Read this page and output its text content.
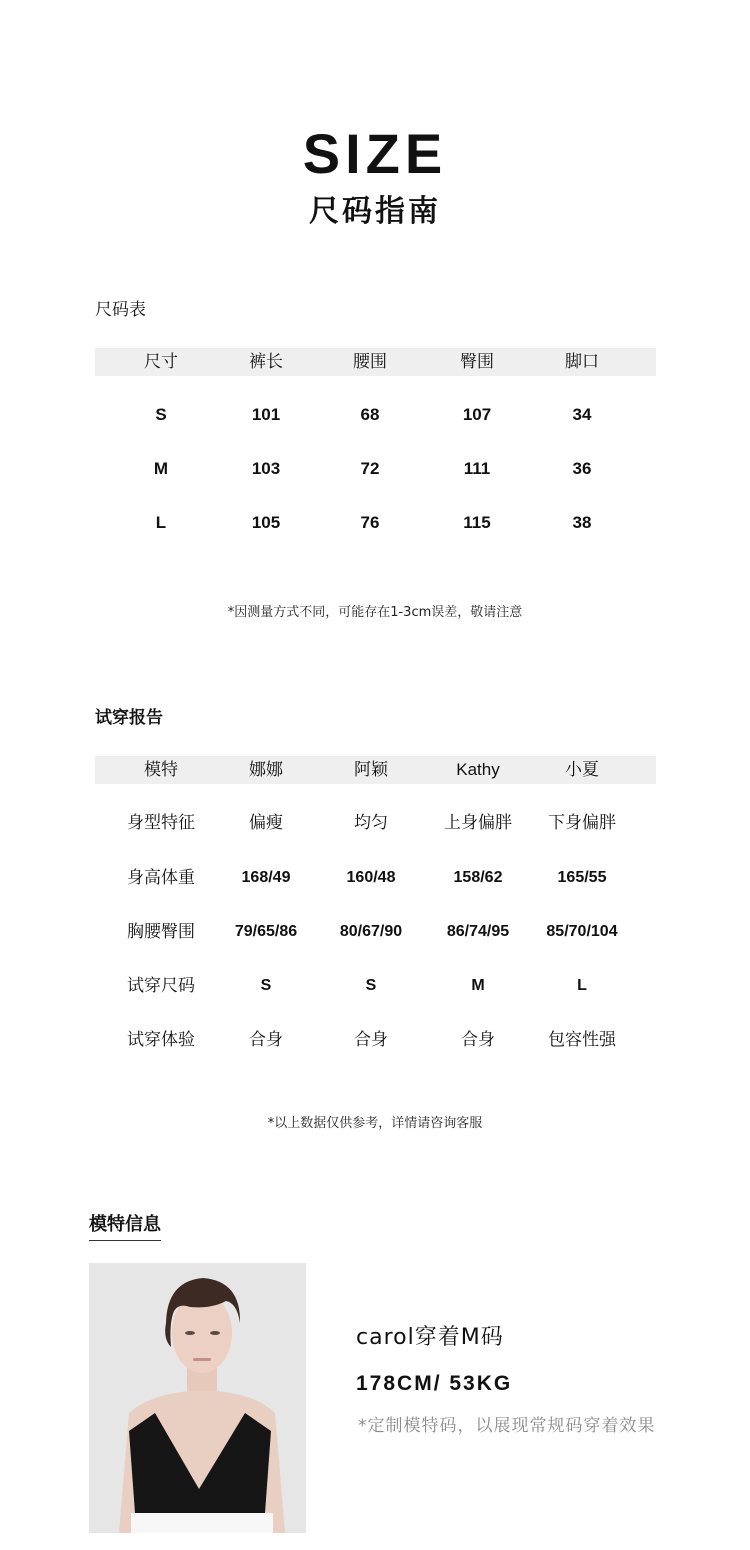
SIZE
尺码指南
尺码表
尺寸	裤长	腰围	臀围	脚口
S	101	68	107	34
M	103	72	111	36
L	105	76	115	38
*因测量方式不同，可能存在1-3cm误差，敬请注意
试穿报告
模特	娜娜	阿颖	Kathy	小夏
身型特征	偏瘦	均匀	上身偏胖	下身偏胖
身高体重	168/49	160/48	158/62	165/55
胸腰臀围	79/65/86	80/67/90	86/74/95	85/70/104
试穿尺码	S	S	M	L
试穿体验	合身	合身	合身	包容性强
*以上数据仅供参考，详情请咨询客服
模特信息
carol穿着M码
178CM/ 53KG
*定制模特码，以展现常规码穿着效果
